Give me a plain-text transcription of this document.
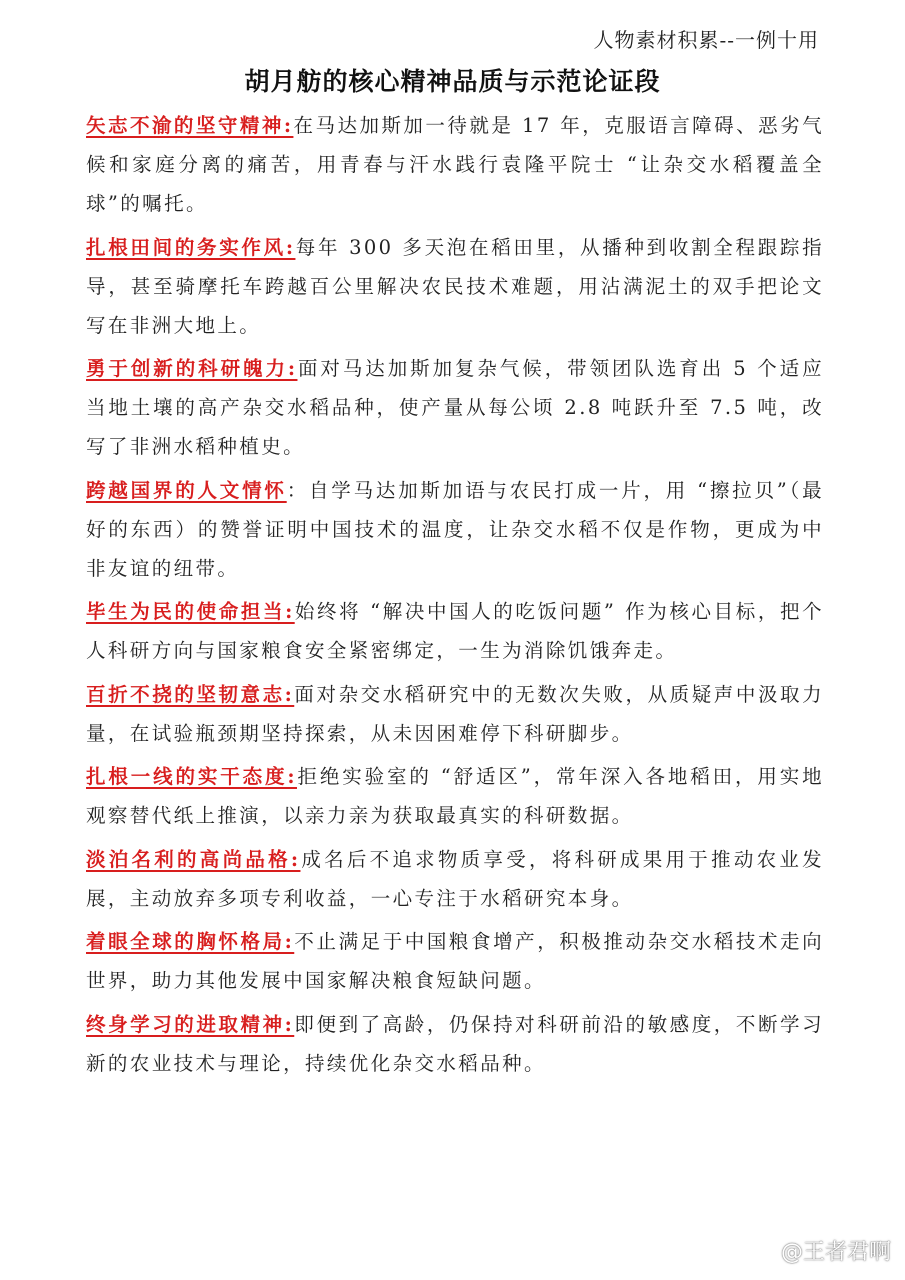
人物素材积累--一例十用
胡月舫的核心精神品质与示范论证段

矢志不渝的坚守精神:在马达加斯加一待就是 17 年，克服语言障碍、恶劣气候和家庭分离的痛苦，用青春与汗水践行袁隆平院士 “让杂交水稻覆盖全球”的嘱托。

扎根田间的务实作风:每年 300 多天泡在稻田里，从播种到收割全程跟踪指导，甚至骑摩托车跨越百公里解决农民技术难题，用沾满泥土的双手把论文写在非洲大地上。

勇于创新的科研魄力:面对马达加斯加复杂气候，带领团队选育出 5 个适应当地土壤的高产杂交水稻品种，使产量从每公顷 2.8 吨跃升至 7.5 吨，改写了非洲水稻种植史。

跨越国界的人文情怀：自学马达加斯加语与农民打成一片，用 “擦拉贝”（最好的东西）的赞誉证明中国技术的温度，让杂交水稻不仅是作物，更成为中非友谊的纽带。

毕生为民的使命担当:始终将 “解决中国人的吃饭问题” 作为核心目标，把个人科研方向与国家粮食安全紧密绑定，一生为消除饥饿奔走。

百折不挠的坚韧意志:面对杂交水稻研究中的无数次失败，从质疑声中汲取力量，在试验瓶颈期坚持探索，从未因困难停下科研脚步。

扎根一线的实干态度:拒绝实验室的 “舒适区”，常年深入各地稻田，用实地观察替代纸上推演，以亲力亲为获取最真实的科研数据。

淡泊名利的高尚品格:成名后不追求物质享受，将科研成果用于推动农业发展，主动放弃多项专利收益，一心专注于水稻研究本身。

着眼全球的胸怀格局:不止满足于中国粮食增产，积极推动杂交水稻技术走向世界，助力其他发展中国家解决粮食短缺问题。

终身学习的进取精神:即便到了高龄，仍保持对科研前沿的敏感度，不断学习新的农业技术与理论，持续优化杂交水稻品种。

@王者君啊
